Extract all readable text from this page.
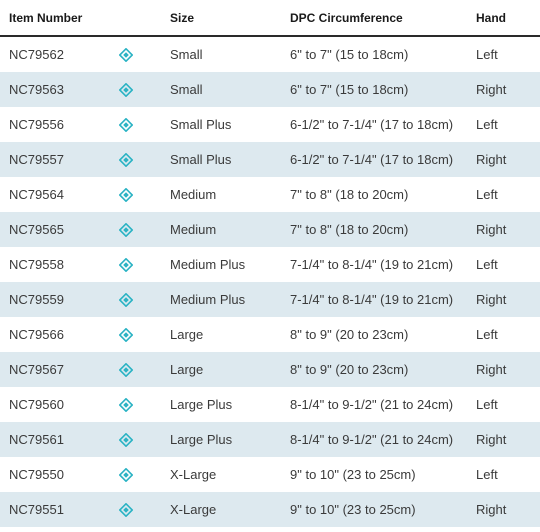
Item Number		Size	DPC Circumference	Hand
NC79562		Small	6" to 7" (15 to 18cm)	Left
NC79563		Small	6" to 7" (15 to 18cm)	Right
NC79556		Small Plus	6-1/2" to 7-1/4" (17 to 18cm)	Left
NC79557		Small Plus	6-1/2" to 7-1/4" (17 to 18cm)	Right
NC79564		Medium	7" to 8" (18 to 20cm)	Left
NC79565		Medium	7" to 8" (18 to 20cm)	Right
NC79558		Medium Plus	7-1/4" to 8-1/4" (19 to 21cm)	Left
NC79559		Medium Plus	7-1/4" to 8-1/4" (19 to 21cm)	Right
NC79566		Large	8" to 9" (20 to 23cm)	Left
NC79567		Large	8" to 9" (20 to 23cm)	Right
NC79560		Large Plus	8-1/4" to 9-1/2" (21 to 24cm)	Left
NC79561		Large Plus	8-1/4" to 9-1/2" (21 to 24cm)	Right
NC79550		X-Large	9" to 10" (23 to 25cm)	Left
NC79551		X-Large	9" to 10" (23 to 25cm)	Right
